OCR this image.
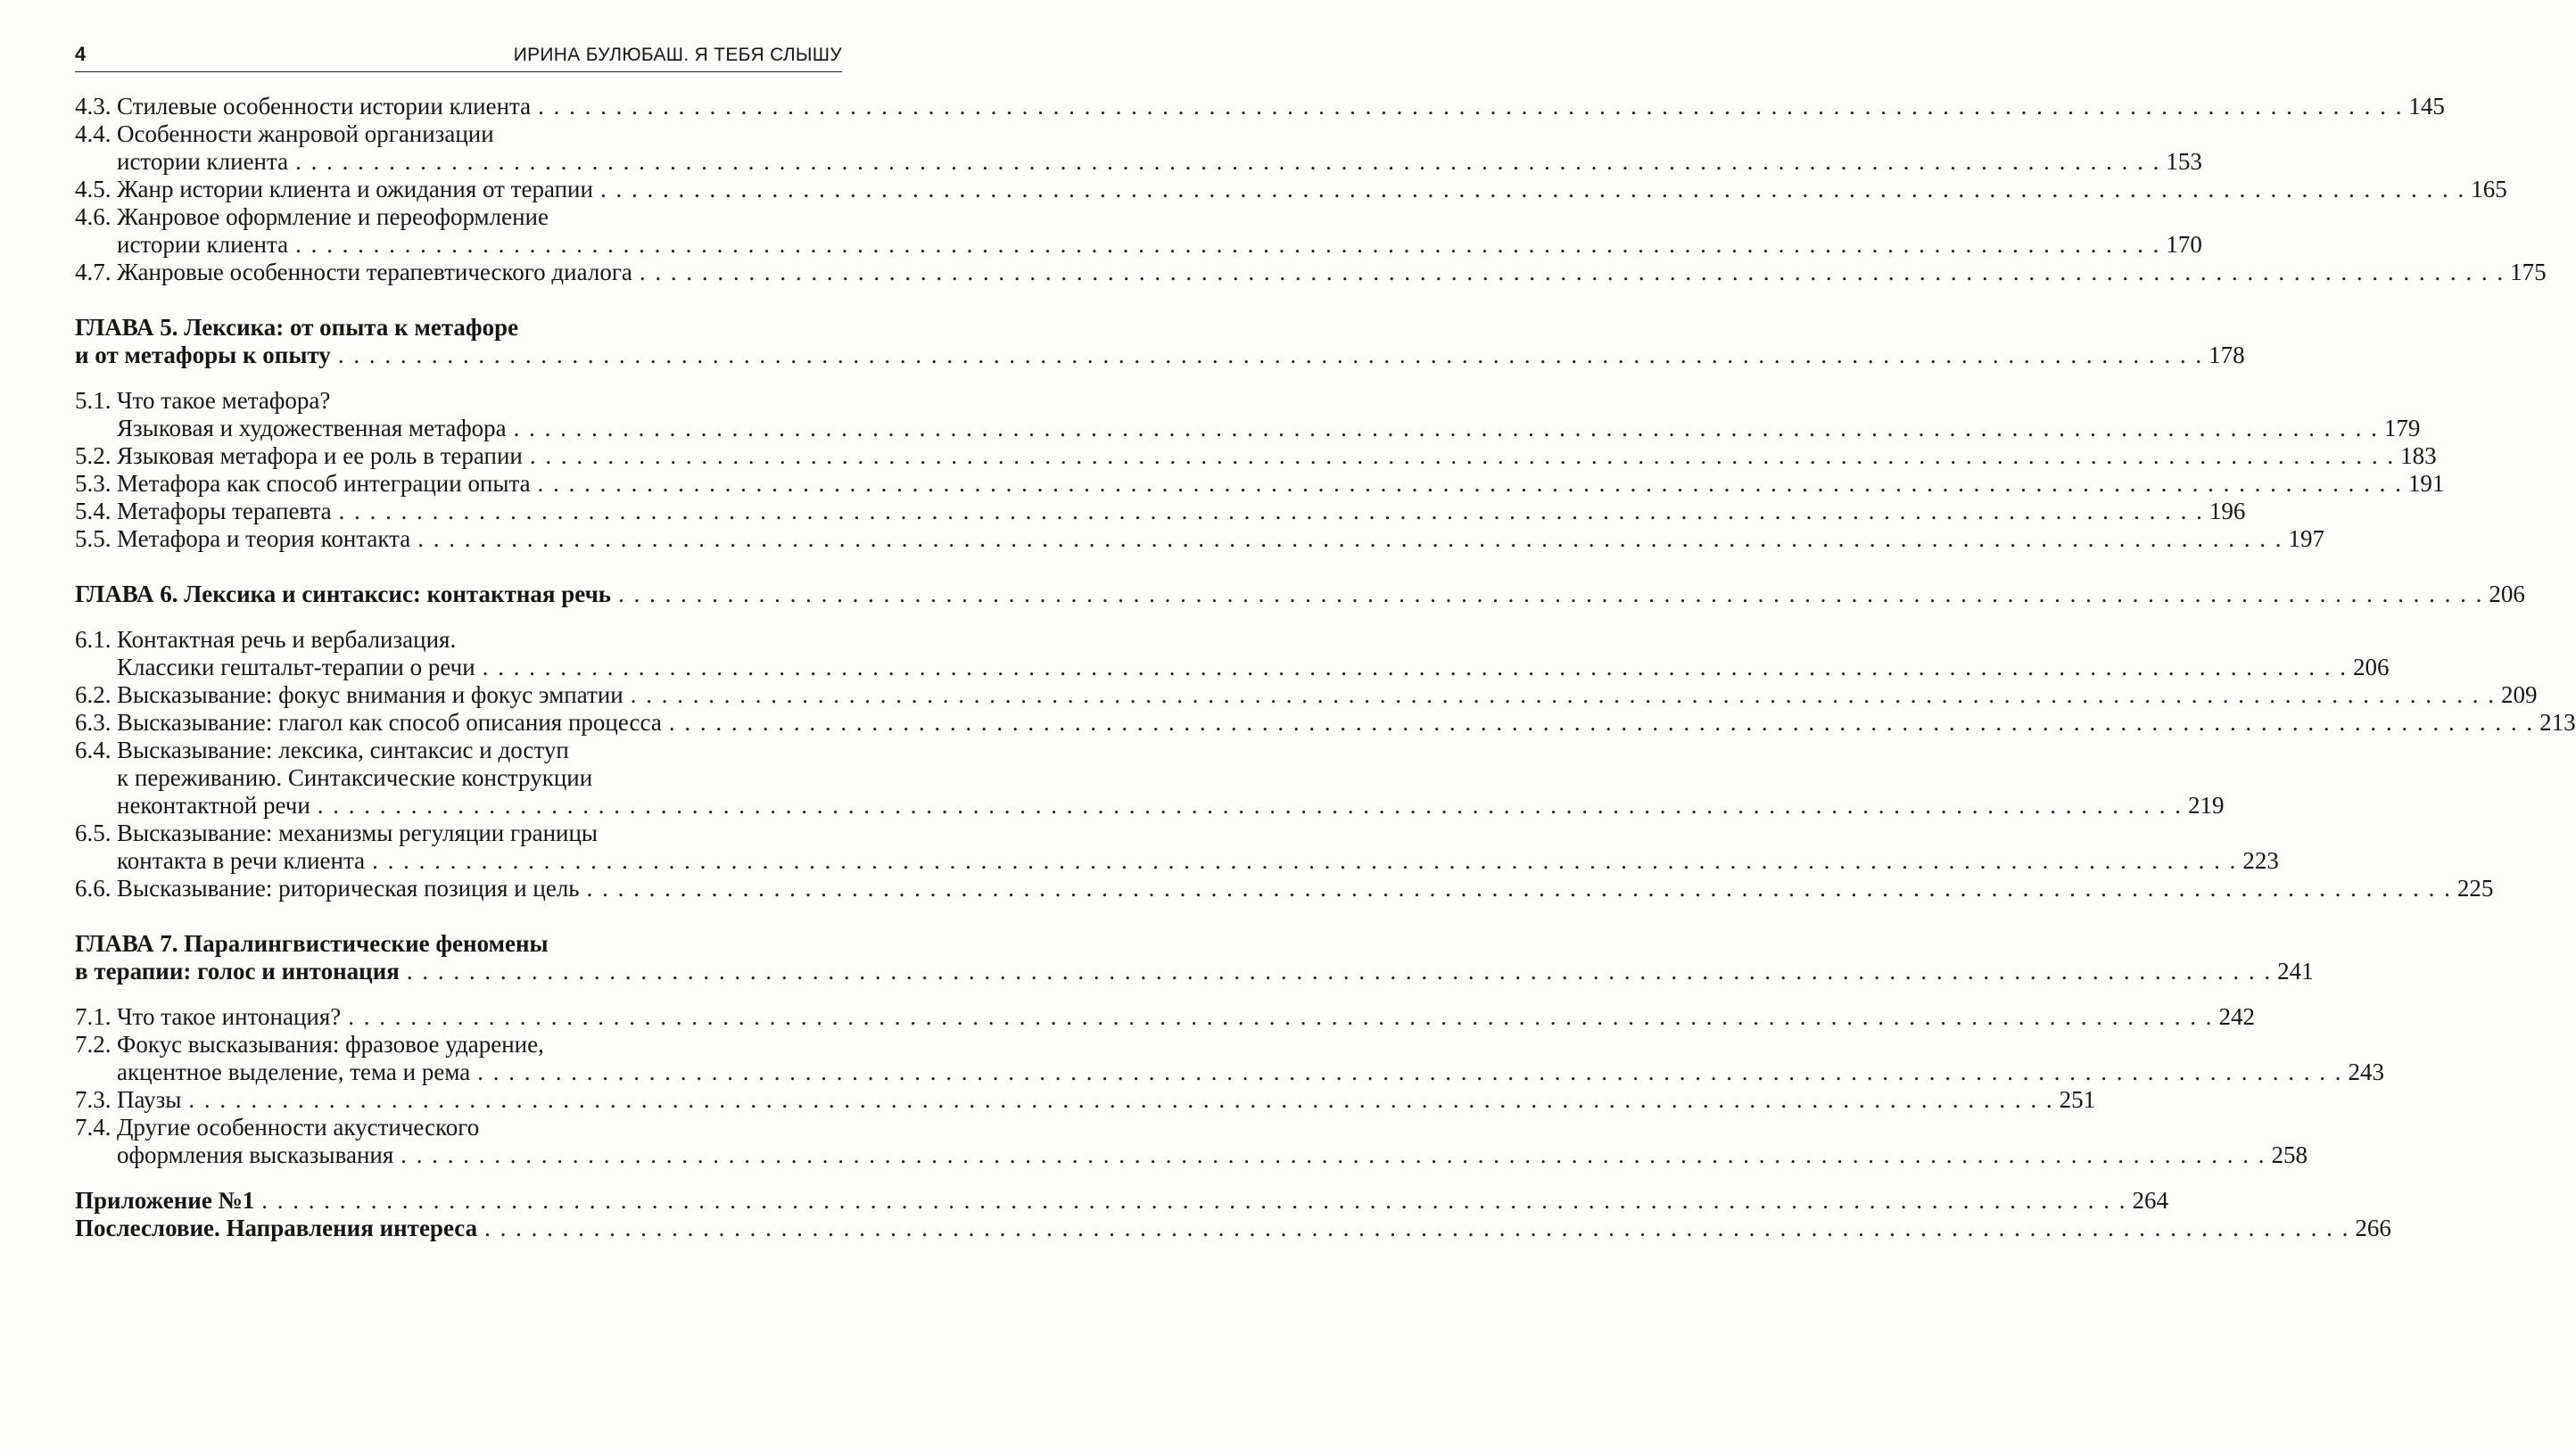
4	ИРИНА БУЛЮБАШ. Я ТЕБЯ СЛЫШУ
4.3. Стилевые особенности истории клиента . . . . . . . . . . . . . . . . . . . . . . . . . . . . . . . . . . . . . . . . . . . . . . . . . . . . . . . . . . . . . . . . . . . . . . . . . . . . . . . . . . . . . . . . . . . . . . . . . . . . . . . . . . . . . . . . . . . . . . . . 145
4.4. Особенности жанровой организации
истории клиента . . . . . . . . . . . . . . . . . . . . . . . . . . . . . . . . . . . . . . . . . . . . . . . . . . . . . . . . . . . . . . . . . . . . . . . . . . . . . . . . . . . . . . . . . . . . . . . . . . . . . . . . . . . . . . . . . . . . . . . . 153
4.5. Жанр истории клиента и ожидания от терапии . . . . . . . . . . . . . . . . . . . . . . . . . . . . . . . . . . . . . . . . . . . . . . . . . . . . . . . . . . . . . . . . . . . . . . . . . . . . . . . . . . . . . . . . . . . . . . . . . . . . . . . . . . . . . . . . . . . . . . . . 165
4.6. Жанровое оформление и переоформление
истории клиента . . . . . . . . . . . . . . . . . . . . . . . . . . . . . . . . . . . . . . . . . . . . . . . . . . . . . . . . . . . . . . . . . . . . . . . . . . . . . . . . . . . . . . . . . . . . . . . . . . . . . . . . . . . . . . . . . . . . . . . . 170
4.7. Жанровые особенности терапевтического диалога . . . . . . . . . . . . . . . . . . . . . . . . . . . . . . . . . . . . . . . . . . . . . . . . . . . . . . . . . . . . . . . . . . . . . . . . . . . . . . . . . . . . . . . . . . . . . . . . . . . . . . . . . . . . . . . . . . . . . . . . 175
ГЛАВА 5. Лексика: от опыта к метафоре
и от метафоры к опыту . . . . . . . . . . . . . . . . . . . . . . . . . . . . . . . . . . . . . . . . . . . . . . . . . . . . . . . . . . . . . . . . . . . . . . . . . . . . . . . . . . . . . . . . . . . . . . . . . . . . . . . . . . . . . . . . . . . . . . . . 178
5.1. Что такое метафора?
Языковая и художественная метафора . . . . . . . . . . . . . . . . . . . . . . . . . . . . . . . . . . . . . . . . . . . . . . . . . . . . . . . . . . . . . . . . . . . . . . . . . . . . . . . . . . . . . . . . . . . . . . . . . . . . . . . . . . . . . . . . . . . . . . . . 179
5.2. Языковая метафора и ее роль в терапии . . . . . . . . . . . . . . . . . . . . . . . . . . . . . . . . . . . . . . . . . . . . . . . . . . . . . . . . . . . . . . . . . . . . . . . . . . . . . . . . . . . . . . . . . . . . . . . . . . . . . . . . . . . . . . . . . . . . . . . . 183
5.3. Метафора как способ интеграции опыта . . . . . . . . . . . . . . . . . . . . . . . . . . . . . . . . . . . . . . . . . . . . . . . . . . . . . . . . . . . . . . . . . . . . . . . . . . . . . . . . . . . . . . . . . . . . . . . . . . . . . . . . . . . . . . . . . . . . . . . . 191
5.4. Метафоры терапевта . . . . . . . . . . . . . . . . . . . . . . . . . . . . . . . . . . . . . . . . . . . . . . . . . . . . . . . . . . . . . . . . . . . . . . . . . . . . . . . . . . . . . . . . . . . . . . . . . . . . . . . . . . . . . . . . . . . . . . . . 196
5.5. Метафора и теория контакта . . . . . . . . . . . . . . . . . . . . . . . . . . . . . . . . . . . . . . . . . . . . . . . . . . . . . . . . . . . . . . . . . . . . . . . . . . . . . . . . . . . . . . . . . . . . . . . . . . . . . . . . . . . . . . . . . . . . . . . . 197
ГЛАВА 6. Лексика и синтаксис: контактная речь . . . . . . . . . . . . . . . . . . . . . . . . . . . . . . . . . . . . . . . . . . . . . . . . . . . . . . . . . . . . . . . . . . . . . . . . . . . . . . . . . . . . . . . . . . . . . . . . . . . . . . . . . . . . . . . . . . . . . . . . 206
6.1. Контактная речь и вербализация.
Классики гештальт-терапии о речи . . . . . . . . . . . . . . . . . . . . . . . . . . . . . . . . . . . . . . . . . . . . . . . . . . . . . . . . . . . . . . . . . . . . . . . . . . . . . . . . . . . . . . . . . . . . . . . . . . . . . . . . . . . . . . . . . . . . . . . . 206
6.2. Высказывание: фокус внимания и фокус эмпатии . . . . . . . . . . . . . . . . . . . . . . . . . . . . . . . . . . . . . . . . . . . . . . . . . . . . . . . . . . . . . . . . . . . . . . . . . . . . . . . . . . . . . . . . . . . . . . . . . . . . . . . . . . . . . . . . . . . . . . . . 209
6.3. Высказывание: глагол как способ описания процесса . . . . . . . . . . . . . . . . . . . . . . . . . . . . . . . . . . . . . . . . . . . . . . . . . . . . . . . . . . . . . . . . . . . . . . . . . . . . . . . . . . . . . . . . . . . . . . . . . . . . . . . . . . . . . . . . . . . . . . . . 213
6.4. Высказывание: лексика, синтаксис и доступ
к переживанию. Синтаксические конструкции
неконтактной речи . . . . . . . . . . . . . . . . . . . . . . . . . . . . . . . . . . . . . . . . . . . . . . . . . . . . . . . . . . . . . . . . . . . . . . . . . . . . . . . . . . . . . . . . . . . . . . . . . . . . . . . . . . . . . . . . . . . . . . . . 219
6.5. Высказывание: механизмы регуляции границы
контакта в речи клиента . . . . . . . . . . . . . . . . . . . . . . . . . . . . . . . . . . . . . . . . . . . . . . . . . . . . . . . . . . . . . . . . . . . . . . . . . . . . . . . . . . . . . . . . . . . . . . . . . . . . . . . . . . . . . . . . . . . . . . . . 223
6.6. Высказывание: риторическая позиция и цель . . . . . . . . . . . . . . . . . . . . . . . . . . . . . . . . . . . . . . . . . . . . . . . . . . . . . . . . . . . . . . . . . . . . . . . . . . . . . . . . . . . . . . . . . . . . . . . . . . . . . . . . . . . . . . . . . . . . . . . . 225
ГЛАВА 7. Паралингвистические феномены
в терапии: голос и интонация . . . . . . . . . . . . . . . . . . . . . . . . . . . . . . . . . . . . . . . . . . . . . . . . . . . . . . . . . . . . . . . . . . . . . . . . . . . . . . . . . . . . . . . . . . . . . . . . . . . . . . . . . . . . . . . . . . . . . . . . 241
7.1. Что такое интонация? . . . . . . . . . . . . . . . . . . . . . . . . . . . . . . . . . . . . . . . . . . . . . . . . . . . . . . . . . . . . . . . . . . . . . . . . . . . . . . . . . . . . . . . . . . . . . . . . . . . . . . . . . . . . . . . . . . . . . . . . 242
7.2. Фокус высказывания: фразовое ударение,
акцентное выделение, тема и рема . . . . . . . . . . . . . . . . . . . . . . . . . . . . . . . . . . . . . . . . . . . . . . . . . . . . . . . . . . . . . . . . . . . . . . . . . . . . . . . . . . . . . . . . . . . . . . . . . . . . . . . . . . . . . . . . . . . . . . . . 243
7.3. Паузы . . . . . . . . . . . . . . . . . . . . . . . . . . . . . . . . . . . . . . . . . . . . . . . . . . . . . . . . . . . . . . . . . . . . . . . . . . . . . . . . . . . . . . . . . . . . . . . . . . . . . . . . . . . . . . . . . . . . . . . . 251
7.4. Другие особенности акустического
оформления высказывания . . . . . . . . . . . . . . . . . . . . . . . . . . . . . . . . . . . . . . . . . . . . . . . . . . . . . . . . . . . . . . . . . . . . . . . . . . . . . . . . . . . . . . . . . . . . . . . . . . . . . . . . . . . . . . . . . . . . . . . . 258
Приложение №1 . . . . . . . . . . . . . . . . . . . . . . . . . . . . . . . . . . . . . . . . . . . . . . . . . . . . . . . . . . . . . . . . . . . . . . . . . . . . . . . . . . . . . . . . . . . . . . . . . . . . . . . . . . . . . . . . . . . . . . . . 264
Послесловие. Направления интереса . . . . . . . . . . . . . . . . . . . . . . . . . . . . . . . . . . . . . . . . . . . . . . . . . . . . . . . . . . . . . . . . . . . . . . . . . . . . . . . . . . . . . . . . . . . . . . . . . . . . . . . . . . . . . . . . . . . . . . . . 266
